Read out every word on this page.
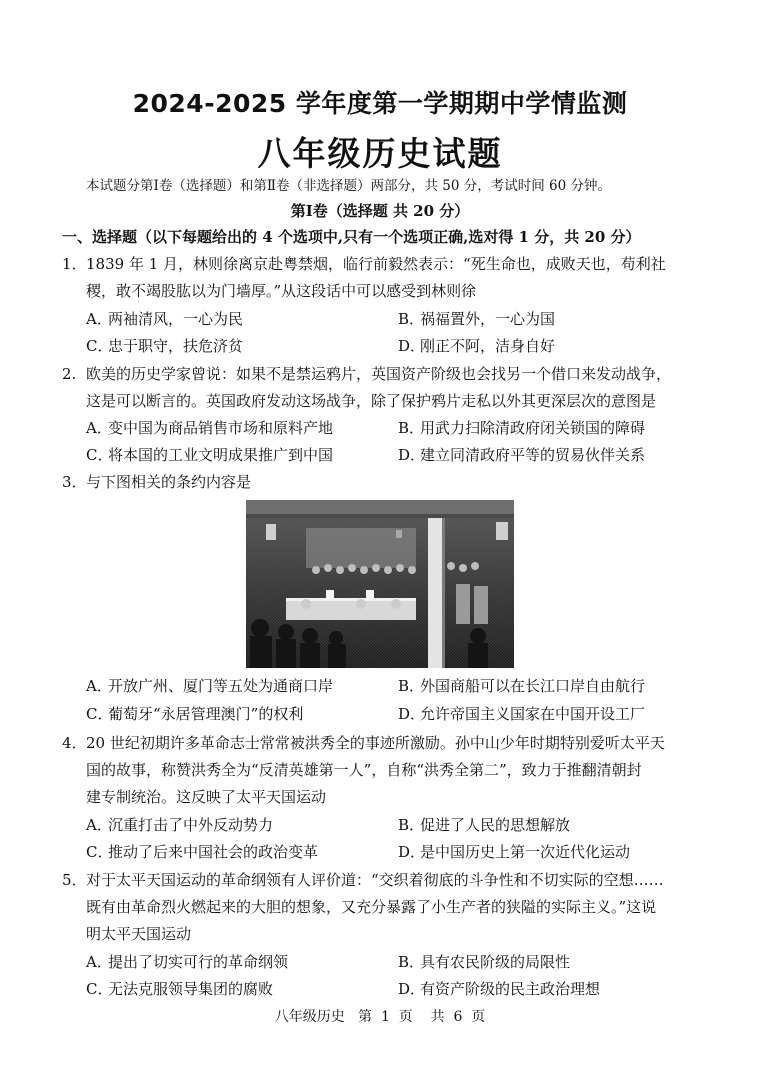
2024-2025 学年度第一学期期中学情监测
八年级历史试题
本试题分第Ⅰ卷（选择题）和第Ⅱ卷（非选择题）两部分，共 50 分，考试时间 60 分钟。
第Ⅰ卷（选择题 共 20 分）
一、选择题（以下每题给出的 4 个选项中,只有一个选项正确,选对得 1 分，共 20 分）
1．1839 年 1 月，林则徐离京赴粤禁烟，临行前毅然表示：“死生命也，成败天也，苟利社
稷，敢不竭股肱以为门墙厚。”从这段话中可以感受到林则徐
A．两袖清风，一心为民	B．祸福置外，一心为国
C．忠于职守，扶危济贫	D．刚正不阿，洁身自好
2. 欧美的历史学家曾说：如果不是禁运鸦片，英国资产阶级也会找另一个借口来发动战争，
这是可以断言的。英国政府发动这场战争，除了保护鸦片走私以外其更深层次的意图是
A．变中国为商品销售市场和原料产地	B．用武力扫除清政府闭关锁国的障碍
C．将本国的工业文明成果推广到中国	D．建立同清政府平等的贸易伙伴关系
3．与下图相关的条约内容是
A．开放广州、厦门等五处为通商口岸	B．外国商船可以在长江口岸自由航行
C．葡萄牙“永居管理澳门”的权利	D．允许帝国主义国家在中国开设工厂
4．20 世纪初期许多革命志士常常被洪秀全的事迹所激励。孙中山少年时期特别爱听太平天
国的故事，称赞洪秀全为“反清英雄第一人”，自称“洪秀全第二”，致力于推翻清朝封
建专制统治。这反映了太平天国运动
A．沉重打击了中外反动势力	B．促进了人民的思想解放
C．推动了后来中国社会的政治变革	D．是中国历史上第一次近代化运动
5．对于太平天国运动的革命纲领有人评价道：“交织着彻底的斗争性和不切实际的空想……
既有由革命烈火燃起来的大胆的想象，又充分暴露了小生产者的狭隘的实际主义。”这说
明太平天国运动
A．提出了切实可行的革命纲领	B．具有农民阶级的局限性
C．无法克服领导集团的腐败	D．有资产阶级的民主政治理想
八年级历史   第  1  页    共  6  页
